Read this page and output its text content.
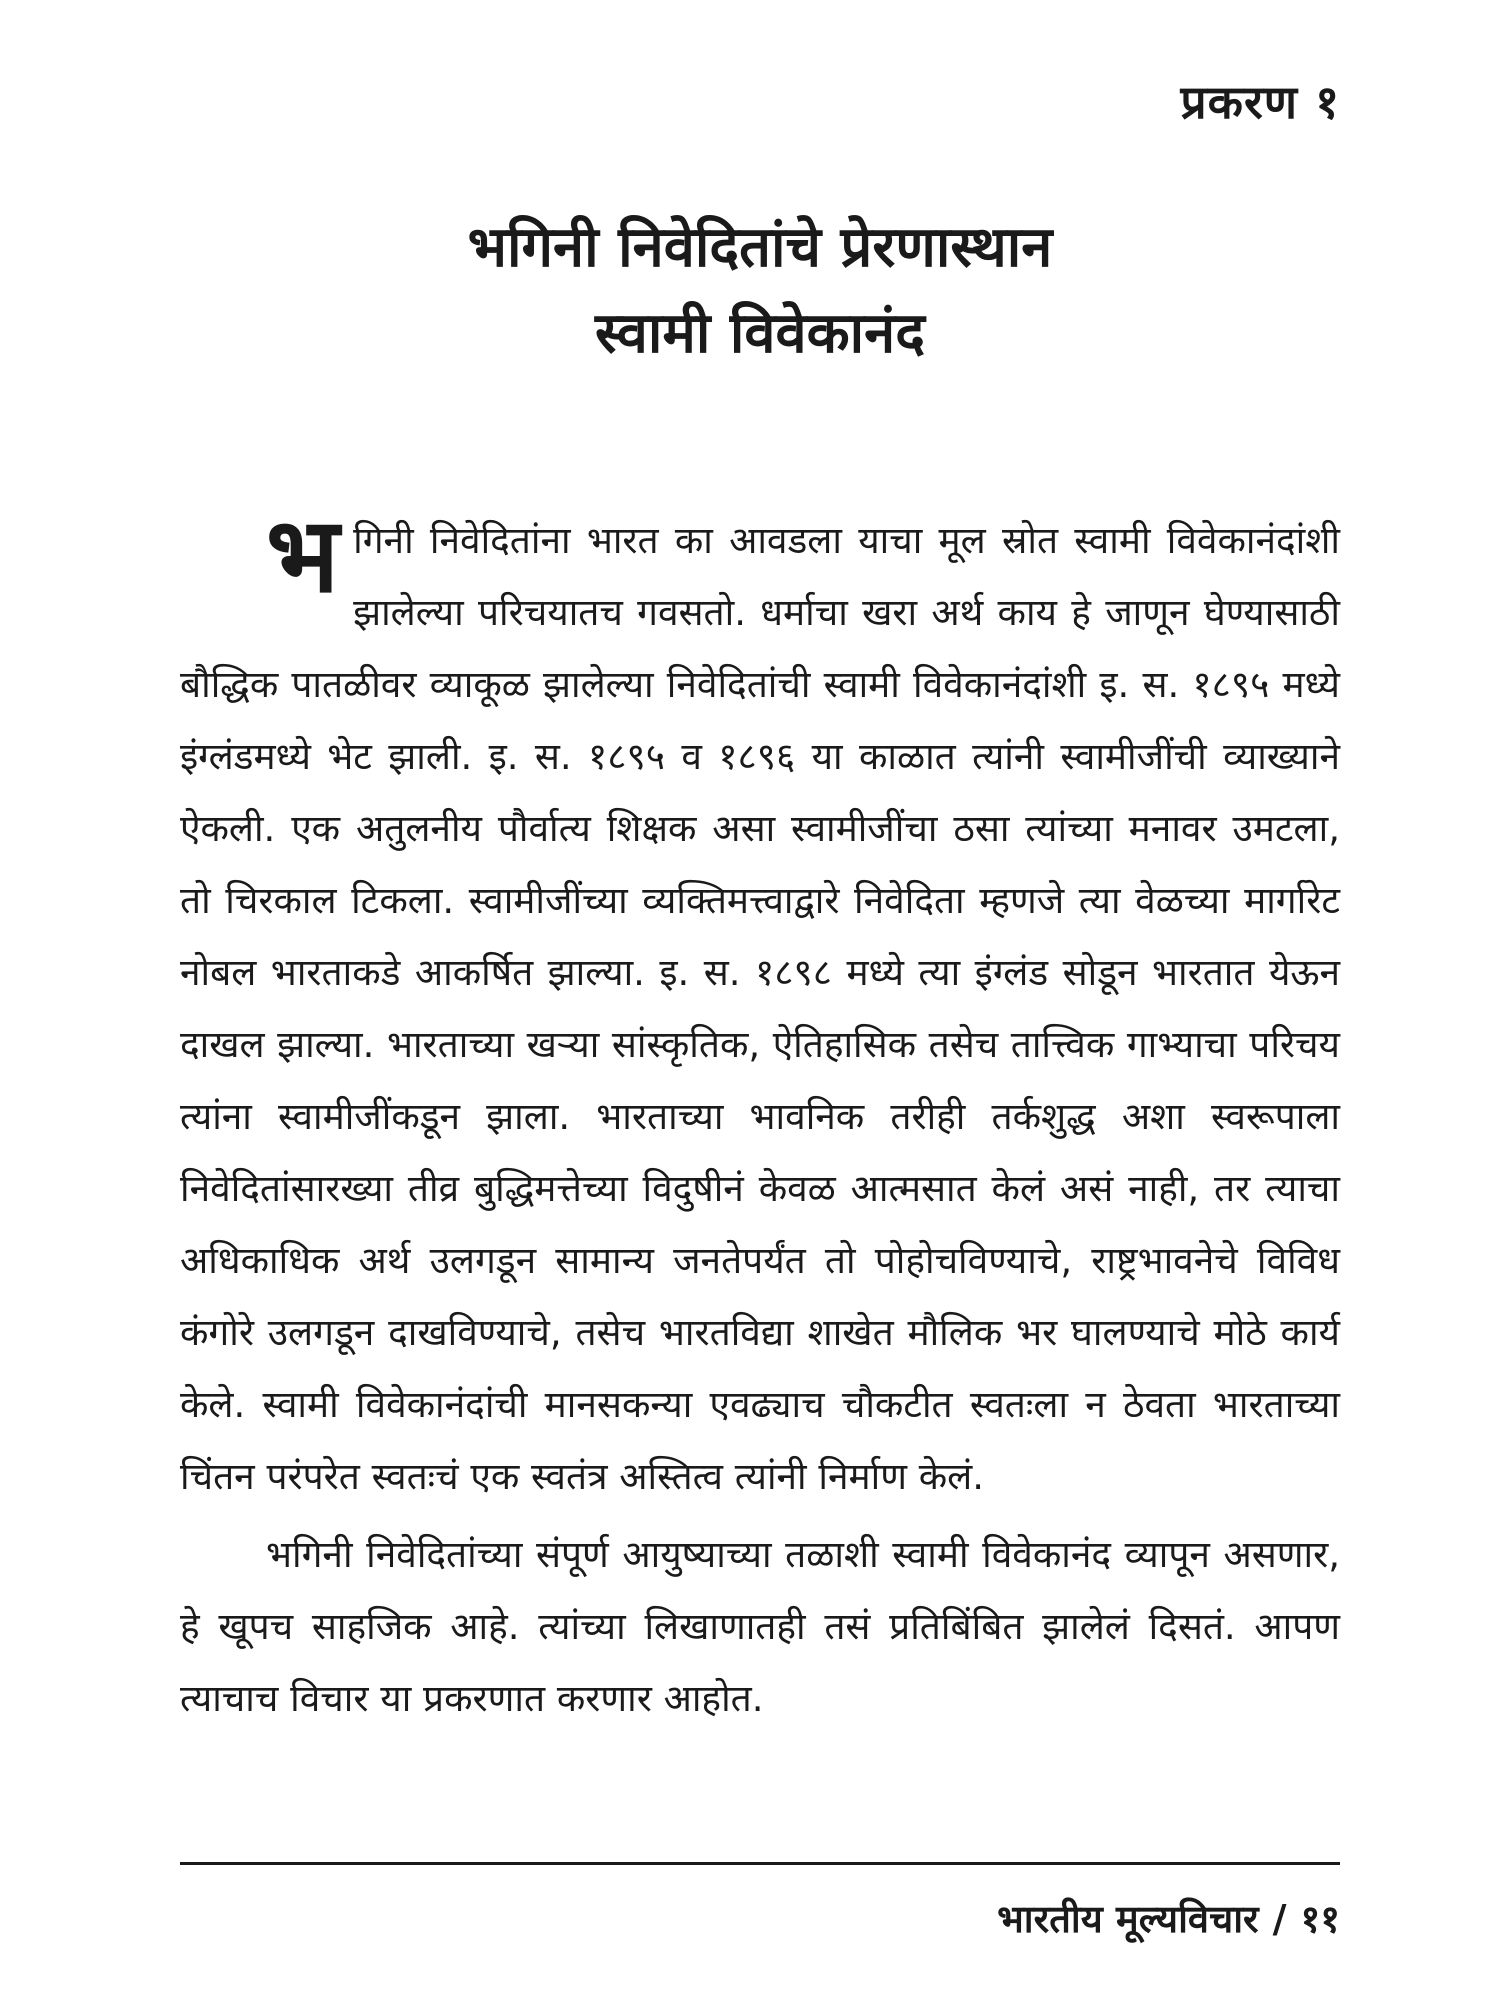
प्रकरण १
भगिनी निवेदितांचे प्रेरणास्थान
स्वामी विवेकानंद

भगिनी निवेदितांना भारत का आवडला याचा मूल स्रोत स्वामी विवेकानंदांशी झालेल्या परिचयातच गवसतो. धर्माचा खरा अर्थ काय हे जाणून घेण्यासाठी बौद्धिक पातळीवर व्याकूळ झालेल्या निवेदितांची स्वामी विवेकानंदांशी इ. स. १८९५ मध्ये इंग्लंडमध्ये भेट झाली. इ. स. १८९५ व १८९६ या काळात त्यांनी स्वामीजींची व्याख्याने ऐकली. एक अतुलनीय पौर्वात्य शिक्षक असा स्वामीजींचा ठसा त्यांच्या मनावर उमटला, तो चिरकाल टिकला. स्वामीजींच्या व्यक्तिमत्त्वाद्वारे निवेदिता म्हणजे त्या वेळच्या मार्गारेट नोबल भारताकडे आकर्षित झाल्या. इ. स. १८९८ मध्ये त्या इंग्लंड सोडून भारतात येऊन दाखल झाल्या. भारताच्या खऱ्या सांस्कृतिक, ऐतिहासिक तसेच तात्त्विक गाभ्याचा परिचय त्यांना स्वामीजींकडून झाला. भारताच्या भावनिक तरीही तर्कशुद्ध अशा स्वरूपाला निवेदितांसारख्या तीव्र बुद्धिमत्तेच्या विदुषीनं केवळ आत्मसात केलं असं नाही, तर त्याचा अधिकाधिक अर्थ उलगडून सामान्य जनतेपर्यंत तो पोहोचविण्याचे, राष्ट्रभावनेचे विविध कंगोरे उलगडून दाखविण्याचे, तसेच भारतविद्या शाखेत मौलिक भर घालण्याचे मोठे कार्य केले. स्वामी विवेकानंदांची मानसकन्या एवढ्याच चौकटीत स्वतःला न ठेवता भारताच्या चिंतन परंपरेत स्वतःचं एक स्वतंत्र अस्तित्व त्यांनी निर्माण केलं.

भगिनी निवेदितांच्या संपूर्ण आयुष्याच्या तळाशी स्वामी विवेकानंद व्यापून असणार, हे खूपच साहजिक आहे. त्यांच्या लिखाणातही तसं प्रतिबिंबित झालेलं दिसतं. आपण त्याचाच विचार या प्रकरणात करणार आहोत.

भारतीय मूल्यविचार / ११
